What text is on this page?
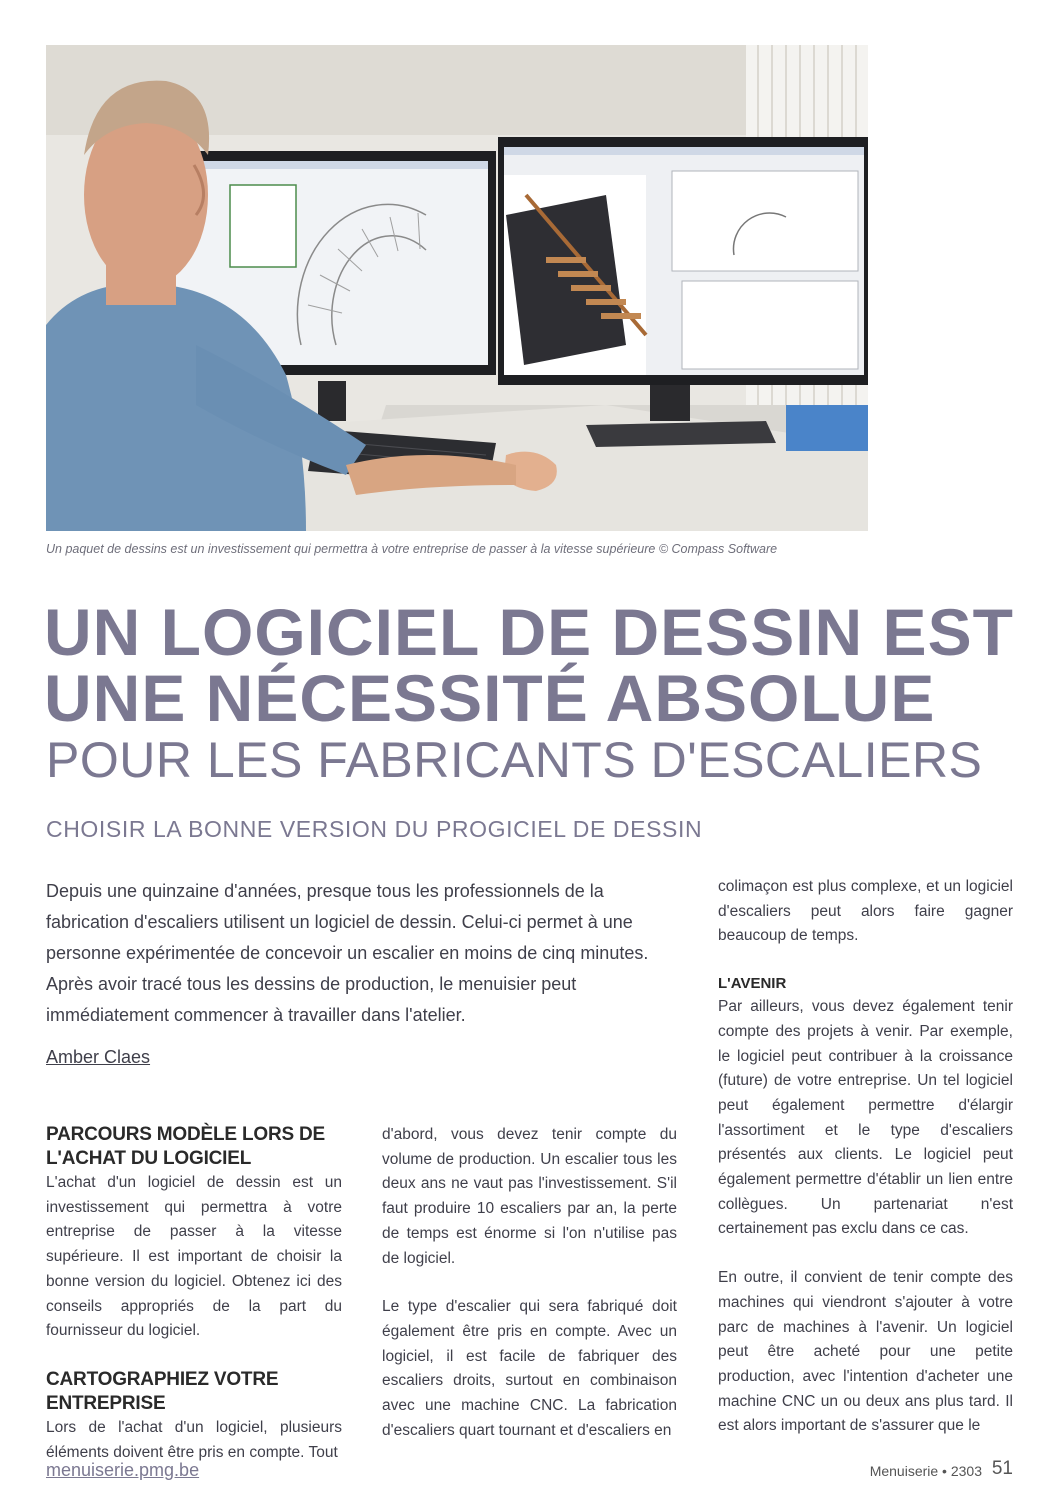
Un paquet de dessins est un investissement qui permettra à votre entreprise de passer à la vitesse supérieure © Compass Software
UN LOGICIEL DE DESSIN EST
UNE NÉCESSITÉ ABSOLUE
POUR LES FABRICANTS D'ESCALIERS
CHOISIR LA BONNE VERSION DU PROGICIEL DE DESSIN

Depuis une quinzaine d'années, presque tous les professionnels de la fabrication d'escaliers utilisent un logiciel de dessin. Celui-ci permet à une personne expérimentée de concevoir un escalier en moins de cinq minutes. Après avoir tracé tous les dessins de production, le menuisier peut immédiatement commencer à travailler dans l'atelier.

Amber Claes
PARCOURS MODÈLE LORS DE L'ACHAT DU LOGICIEL

L'achat d'un logiciel de dessin est un investissement qui permettra à votre entreprise de passer à la vitesse supérieure. Il est important de choisir la bonne version du logiciel. Obtenez ici des conseils appropriés de la part du fournisseur du logiciel.

CARTOGRAPHIEZ VOTRE ENTREPRISE

Lors de l'achat d'un logiciel, plusieurs éléments doivent être pris en compte. Tout

d'abord, vous devez tenir compte du volume de production. Un escalier tous les deux ans ne vaut pas l'investissement. S'il faut produire 10 escaliers par an, la perte de temps est énorme si l'on n'utilise pas de logiciel.

Le type d'escalier qui sera fabriqué doit également être pris en compte. Avec un logiciel, il est facile de fabriquer des escaliers droits, surtout en combinaison avec une machine CNC. La fabrication d'escaliers quart tournant et d'escaliers en

colimaçon est plus complexe, et un logiciel d'escaliers peut alors faire gagner beaucoup de temps.

L'AVENIR

Par ailleurs, vous devez également tenir compte des projets à venir. Par exemple, le logiciel peut contribuer à la croissance (future) de votre entreprise. Un tel logiciel peut également permettre d'élargir l'assortiment et le type d'escaliers présentés aux clients. Le logiciel peut également permettre d'établir un lien entre collègues. Un partenariat n'est certainement pas exclu dans ce cas.

En outre, il convient de tenir compte des machines qui viendront s'ajouter à votre parc de machines à l'avenir. Un logiciel peut être acheté pour une petite production, avec l'intention d'acheter une machine CNC un ou deux ans plus tard. Il est alors important de s'assurer que le

menuiserie.pmg.be	Menuiserie • 2303 51
